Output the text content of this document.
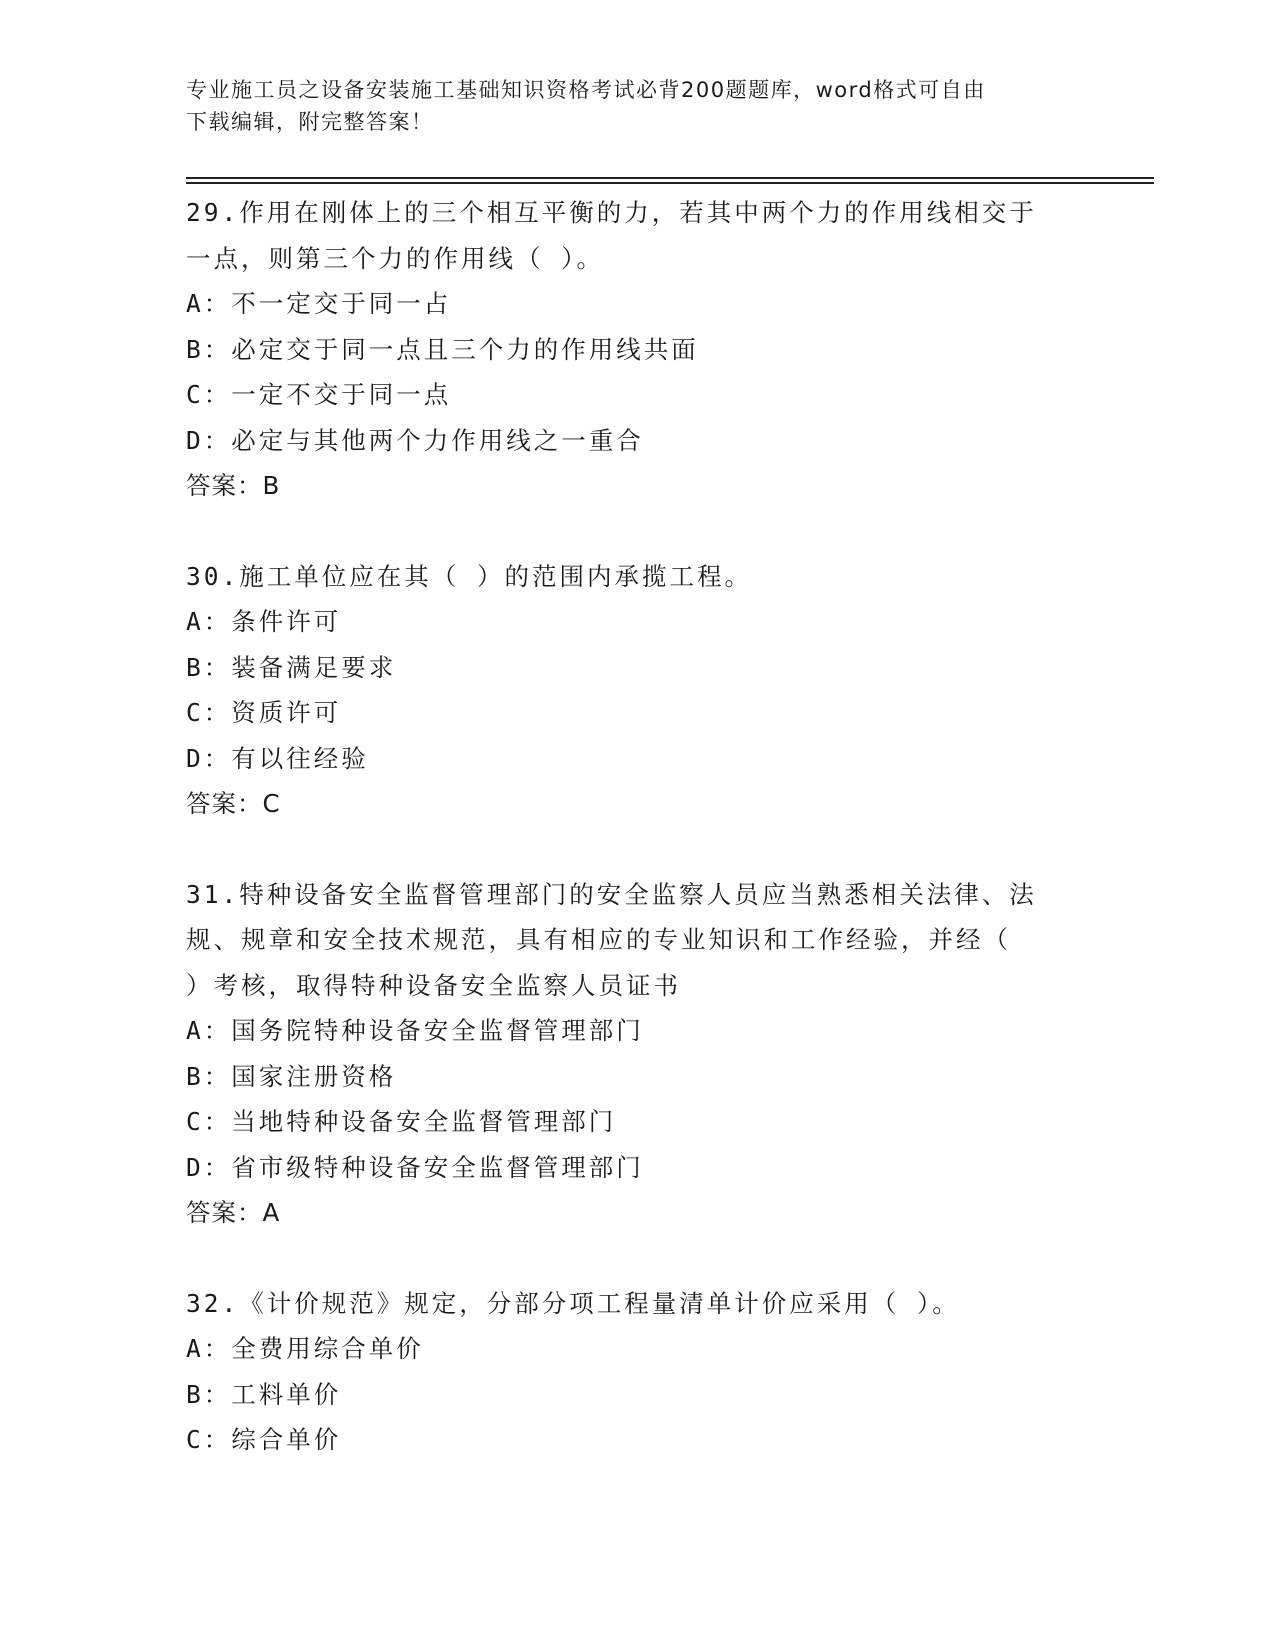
专业施工员之设备安装施工基础知识资格考试必背200题题库，word格式可自由
下载编辑，附完整答案！
29.作用在刚体上的三个相互平衡的力，若其中两个力的作用线相交于
一点，则第三个力的作用线（ ）。
A：不一定交于同一占
B：必定交于同一点且三个力的作用线共面
C：一定不交于同一点
D：必定与其他两个力作用线之一重合
答案：B
30.施工单位应在其（ ）的范围内承揽工程。
A：条件许可
B：装备满足要求
C：资质许可
D：有以往经验
答案：C
31.特种设备安全监督管理部门的安全监察人员应当熟悉相关法律、法
规、规章和安全技术规范，具有相应的专业知识和工作经验，并经（
）考核，取得特种设备安全监察人员证书
A：国务院特种设备安全监督管理部门
B：国家注册资格
C：当地特种设备安全监督管理部门
D：省市级特种设备安全监督管理部门
答案：A
32.《计价规范》规定，分部分项工程量清单计价应采用（ ）。
A：全费用综合单价
B：工料单价
C：综合单价
